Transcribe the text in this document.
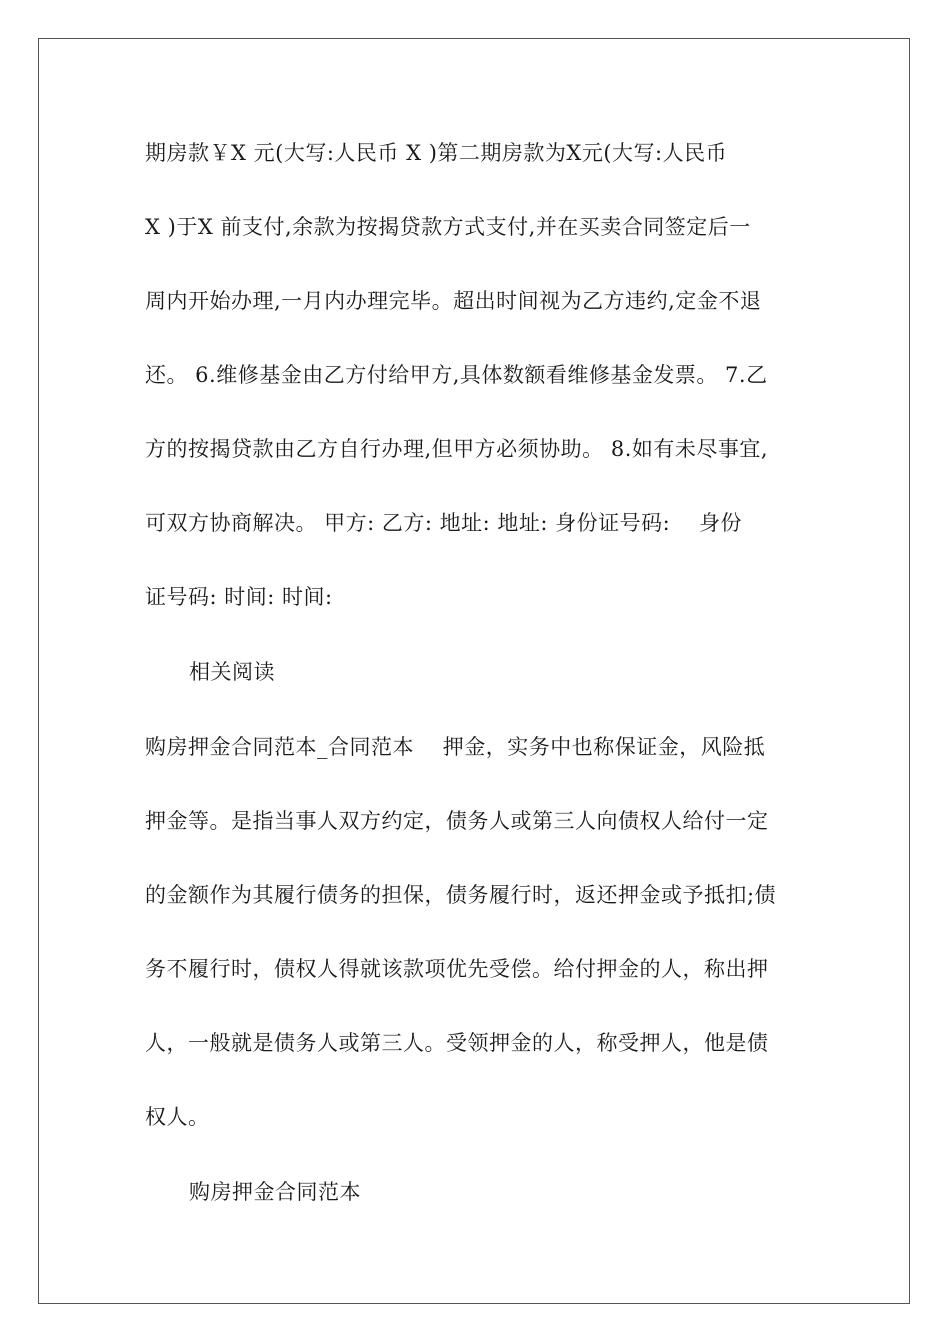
期房款￥X 元(大写:人民币 X )第二期房款为X元(大写:人民币
X )于X 前支付,余款为按揭贷款方式支付,并在买卖合同签定后一
周内开始办理,一月内办理完毕。超出时间视为乙方违约,定金不退
还。 6.维修基金由乙方付给甲方,具体数额看维修基金发票。 7.乙
方的按揭贷款由乙方自行办理,但甲方必须协助。 8.如有未尽事宜,
可双方协商解决。 甲方: 乙方: 地址: 地址: 身份证号码:    身份
证号码: 时间: 时间:
相关阅读
购房押金合同范本_合同范本    押金，实务中也称保证金，风险抵
押金等。是指当事人双方约定，债务人或第三人向债权人给付一定
的金额作为其履行债务的担保，债务履行时，返还押金或予抵扣;债
务不履行时，债权人得就该款项优先受偿。给付押金的人，称出押
人，一般就是债务人或第三人。受领押金的人，称受押人，他是债
权人。
购房押金合同范本
